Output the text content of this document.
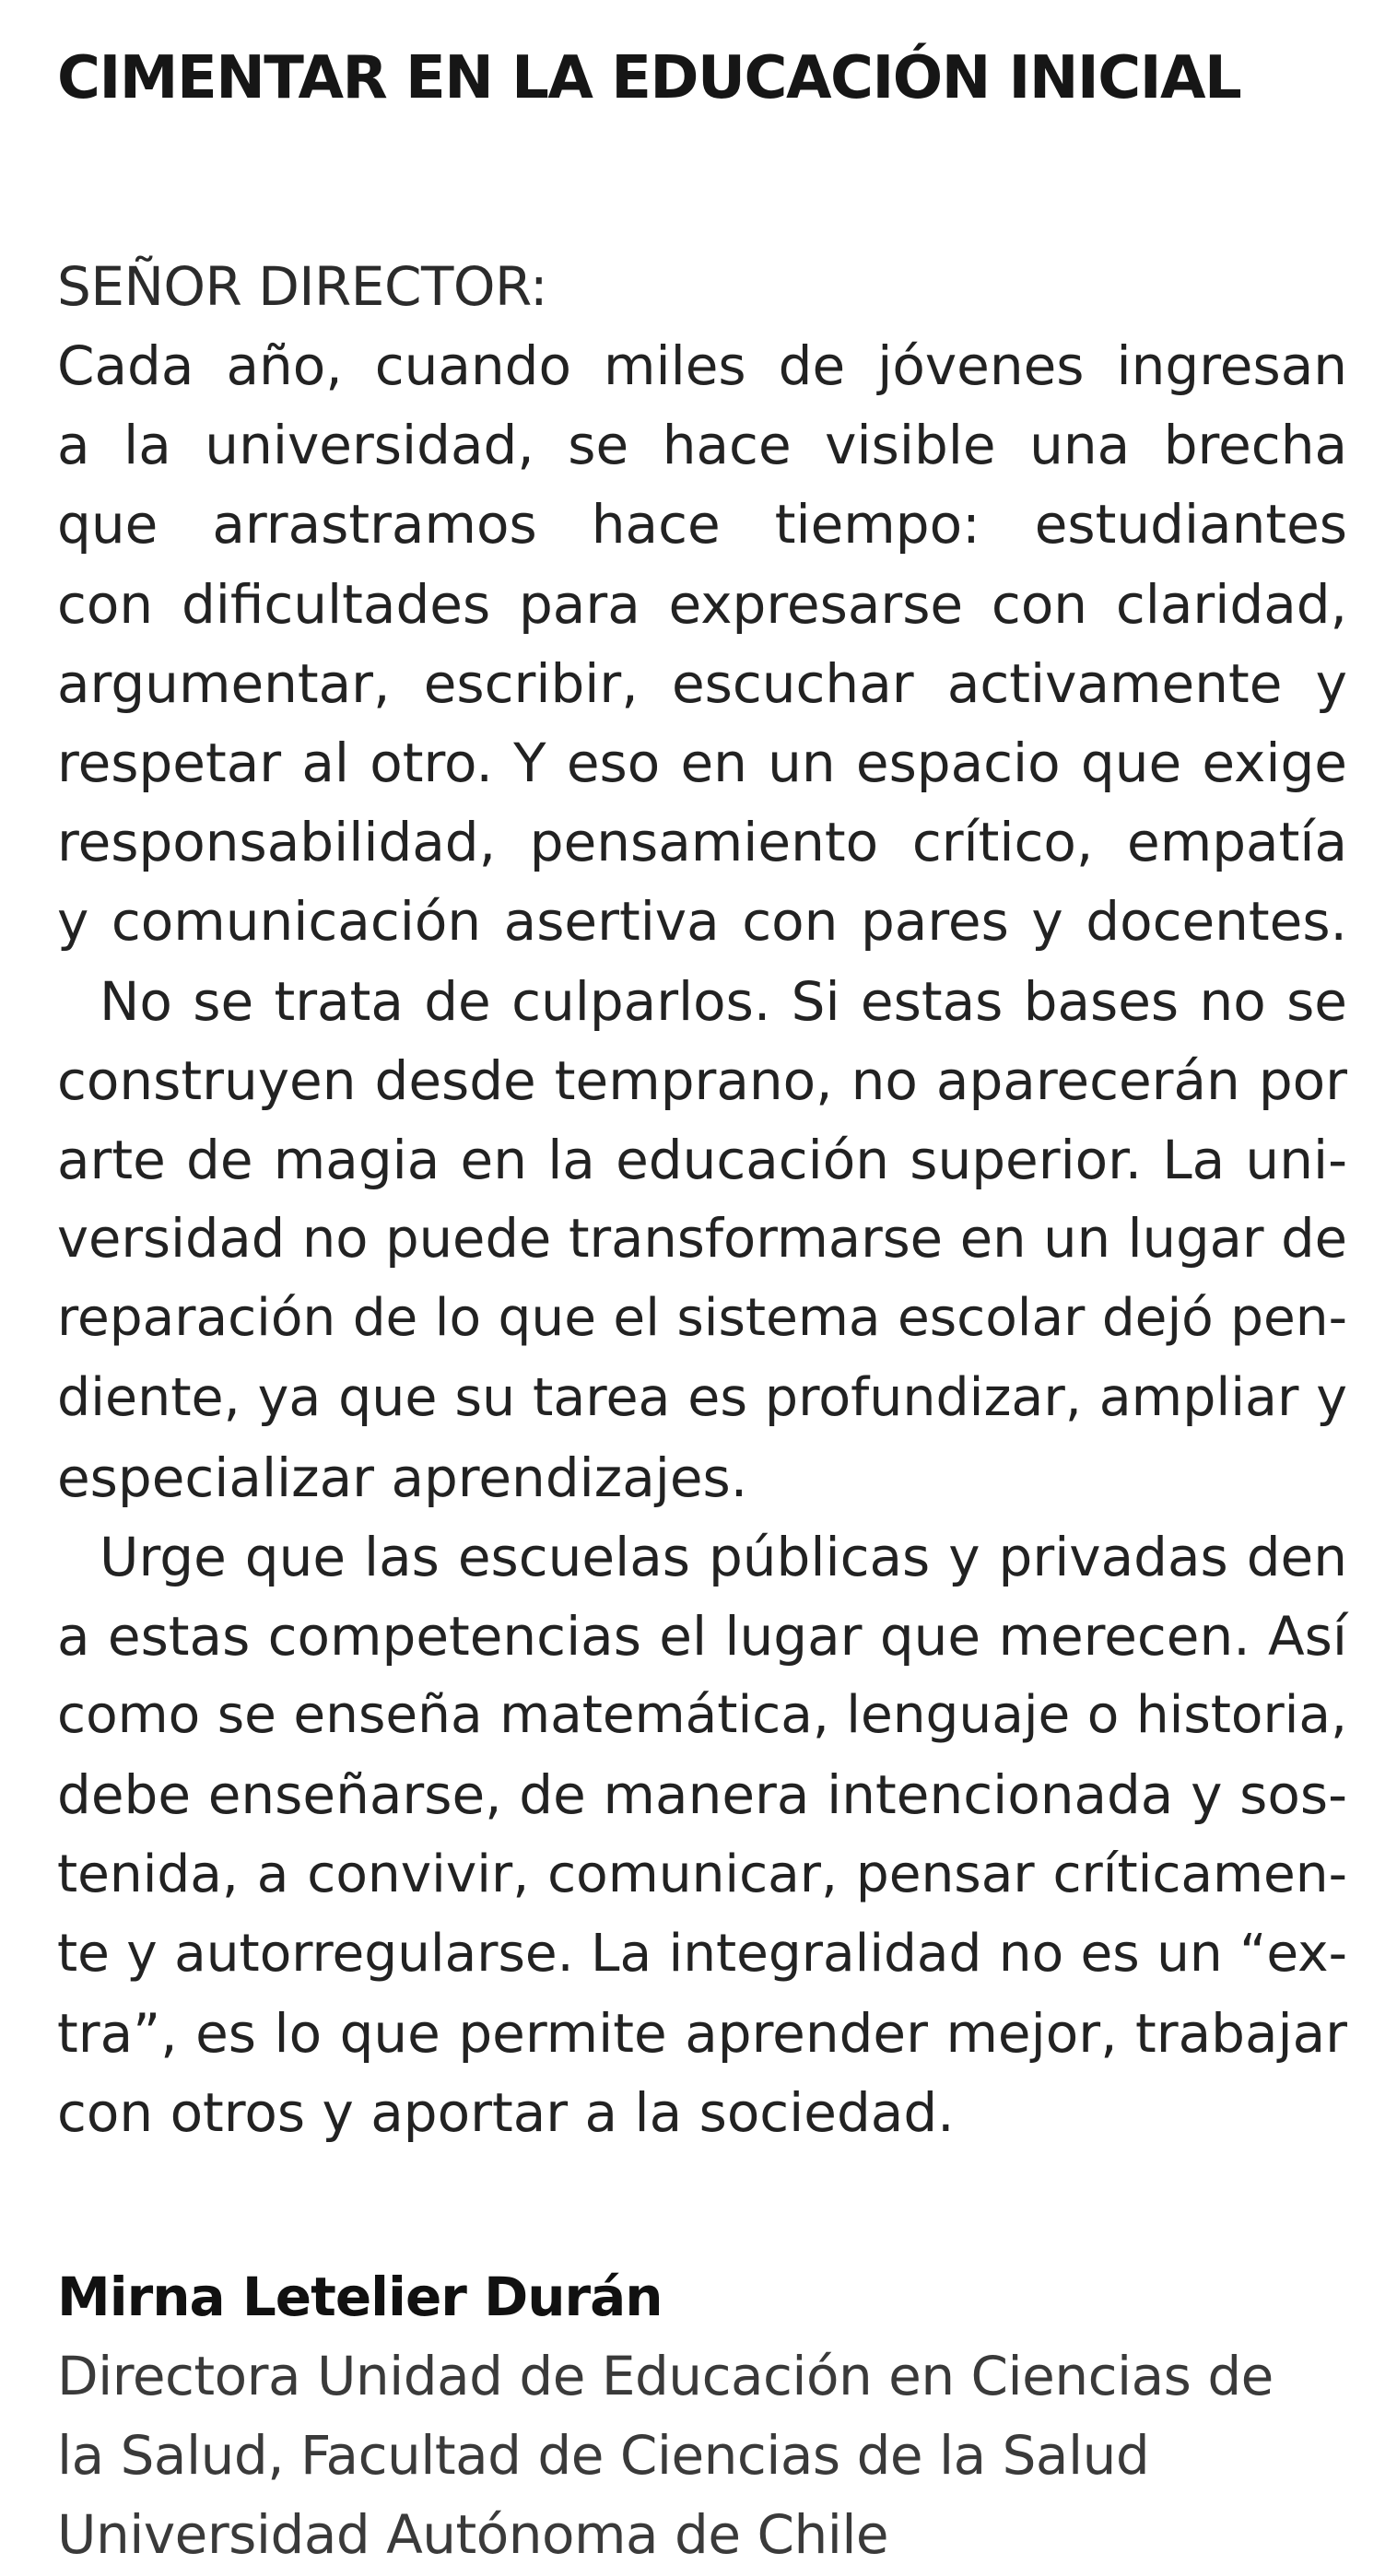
CIMENTAR EN LA EDUCACIÓN INICIAL
SEÑOR DIRECTOR:
Cada año, cuando miles de jóvenes ingresan
a la universidad, se hace visible una brecha
que arrastramos hace tiempo: estudiantes
con dificultades para expresarse con claridad,
argumentar, escribir, escuchar activamente y
respetar al otro. Y eso en un espacio que exige
responsabilidad, pensamiento crítico, empatía
y comunicación asertiva con pares y docentes.
No se trata de culparlos. Si estas bases no se
construyen desde temprano, no aparecerán por
arte de magia en la educación superior. La uni-
versidad no puede transformarse en un lugar de
reparación de lo que el sistema escolar dejó pen-
diente, ya que su tarea es profundizar, ampliar y
especializar aprendizajes.
Urge que las escuelas públicas y privadas den
a estas competencias el lugar que merecen. Así
como se enseña matemática, lenguaje o historia,
debe enseñarse, de manera intencionada y sos-
tenida, a convivir, comunicar, pensar críticamen-
te y autorregularse. La integralidad no es un “ex-
tra”, es lo que permite aprender mejor, trabajar
con otros y aportar a la sociedad.
Mirna Letelier Durán
Directora Unidad de Educación en Ciencias de
la Salud, Facultad de Ciencias de la Salud
Universidad Autónoma de Chile
